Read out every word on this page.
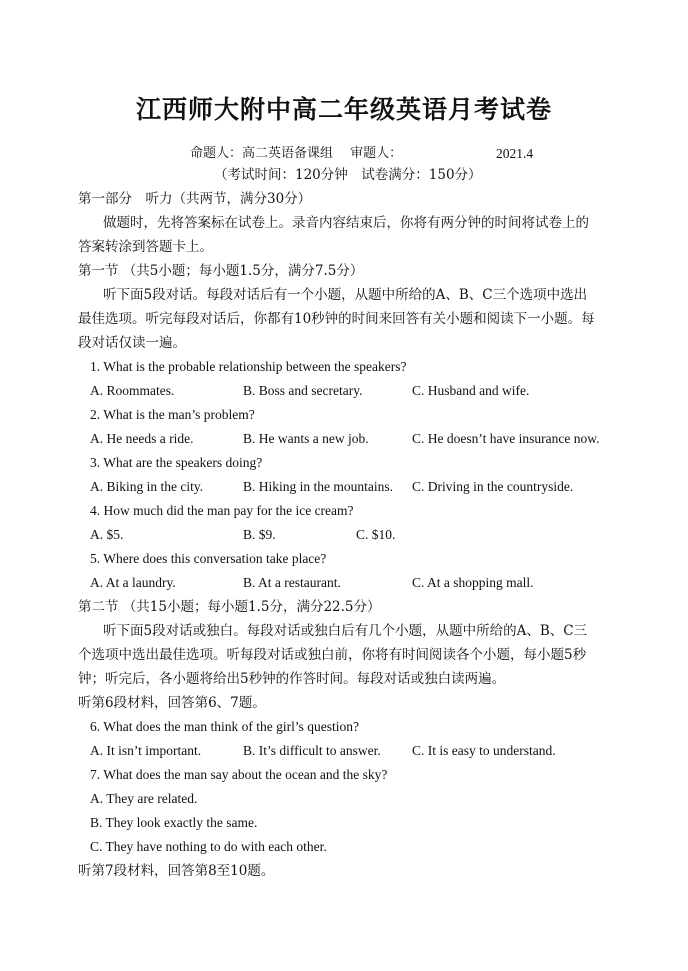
江西师大附中高二年级英语月考试卷
命题人：高二英语备课组　 审题人：	2021.4
（考试时间：120分钟　试卷满分：150分）
第一部分　听力（共两节，满分30分）
做题时，先将答案标在试卷上。录音内容结束后，你将有两分钟的时间将试卷上的
答案转涂到答题卡上。
第一节 （共5小题；每小题1.5分，满分7.5分）
听下面5段对话。每段对话后有一个小题，从题中所给的A、B、C三个选项中选出
最佳选项。听完每段对话后，你都有10秒钟的时间来回答有关小题和阅读下一小题。每
段对话仅读一遍。
1. What is the probable relationship between the speakers?
A. Roommates.	B. Boss and secretary.	C. Husband and wife.
2. What is the man’s problem?
A. He needs a ride.	B. He wants a new job.	C. He doesn’t have insurance now.
3. What are the speakers doing?
A. Biking in the city.	B. Hiking in the mountains. C. Driving in the countryside.
4. How much did the man pay for the ice cream?
A. $5.	B. $9.	C. $10.
5. Where does this conversation take place?
A. At a laundry.	B. At a restaurant.	C. At a shopping mall.
第二节 （共15小题；每小题1.5分，满分22.5分）
听下面5段对话或独白。每段对话或独白后有几个小题，从题中所给的A、B、C三
个选项中选出最佳选项。听每段对话或独白前，你将有时间阅读各个小题，每小题5秒
钟；听完后，各小题将给出5秒钟的作答时间。每段对话或独白读两遍。
听第6段材料，回答第6、7题。
6. What does the man think of the girl’s question?
A. It isn’t important.	B. It’s difficult to answer. C. It is easy to understand.
7. What does the man say about the ocean and the sky?
A. They are related.
B. They look exactly the same.
C. They have nothing to do with each other.
听第7段材料，回答第8至10题。
